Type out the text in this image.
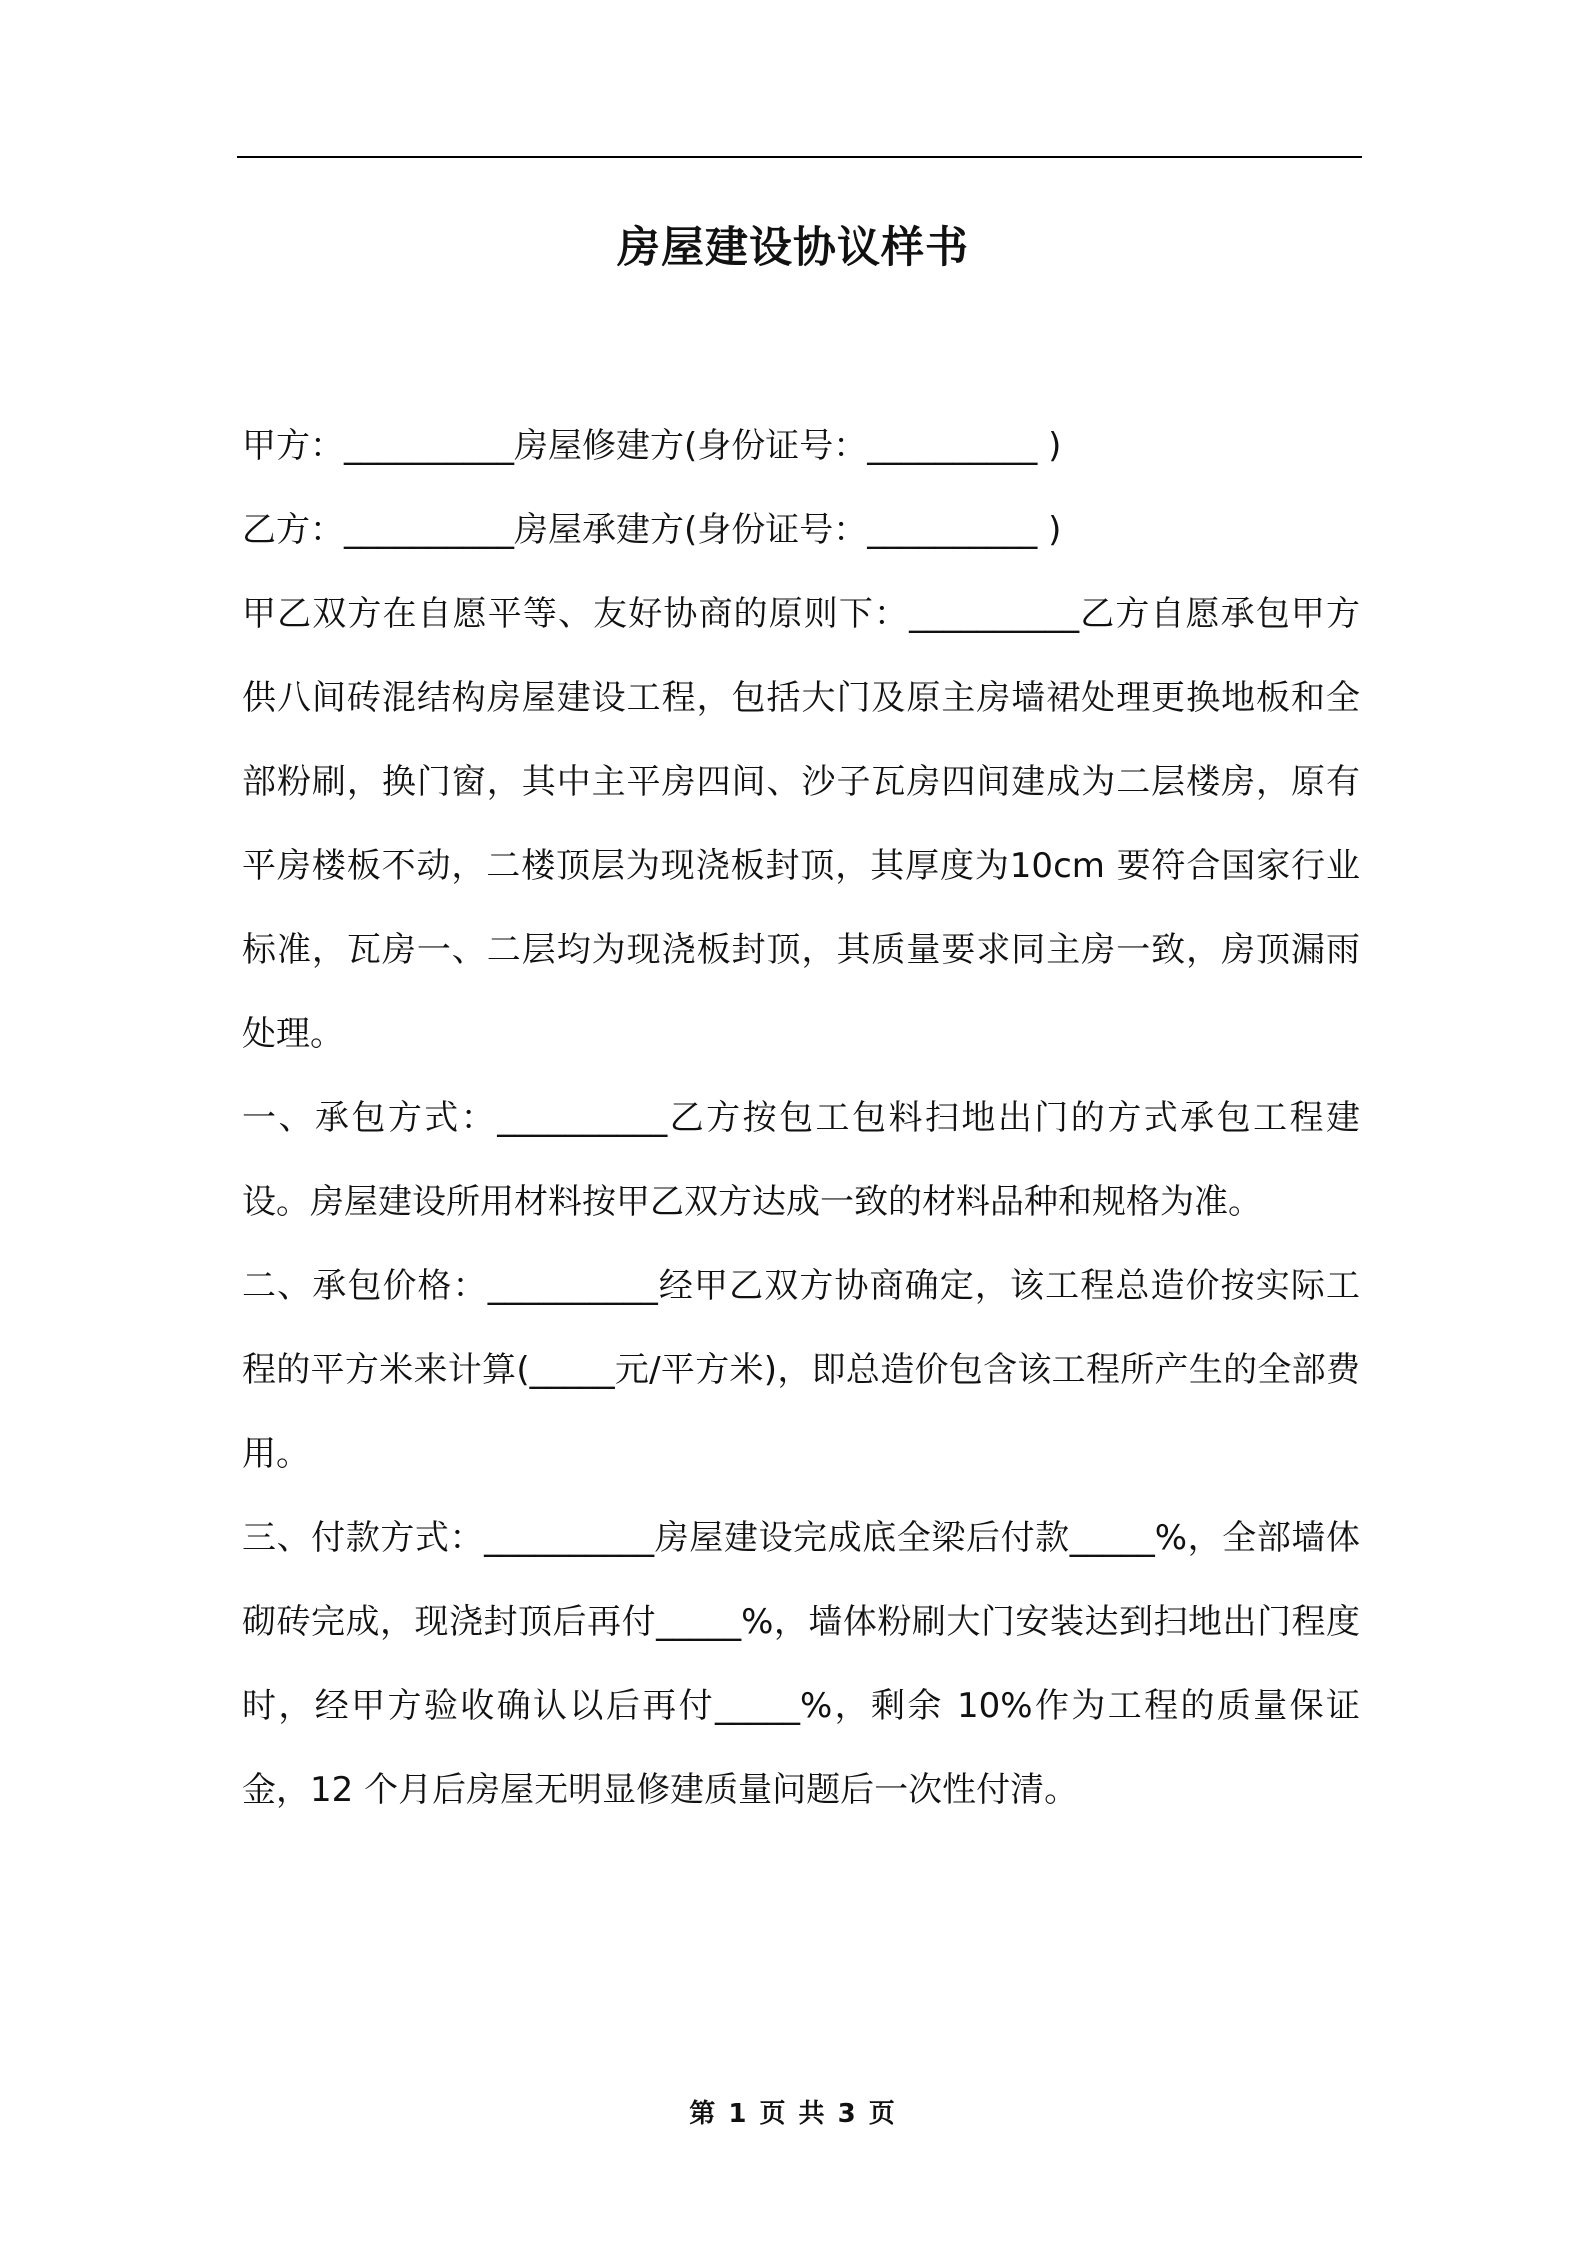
房屋建设协议样书

甲方：__________房屋修建方(身份证号：__________ )

乙方：__________房屋承建方(身份证号：__________ )

甲乙双方在自愿平等、友好协商的原则下：__________乙方自愿承包甲方供八间砖混结构房屋建设工程，包括大门及原主房墙裙处理更换地板和全部粉刷，换门窗，其中主平房四间、沙子瓦房四间建成为二层楼房，原有平房楼板不动，二楼顶层为现浇板封顶，其厚度为10cm 要符合国家行业标准，瓦房一、二层均为现浇板封顶，其质量要求同主房一致，房顶漏雨处理。

一、承包方式：__________乙方按包工包料扫地出门的方式承包工程建设。房屋建设所用材料按甲乙双方达成一致的材料品种和规格为准。

二、承包价格：__________经甲乙双方协商确定，该工程总造价按实际工程的平方米来计算(_____元/平方米)，即总造价包含该工程所产生的全部费用。

三、付款方式：__________房屋建设完成底全梁后付款_____%，全部墙体砌砖完成，现浇封顶后再付_____%，墙体粉刷大门安装达到扫地出门程度时，经甲方验收确认以后再付_____%，剩余 10%作为工程的质量保证金，12 个月后房屋无明显修建质量问题后一次性付清。

第 1 页 共 3 页
